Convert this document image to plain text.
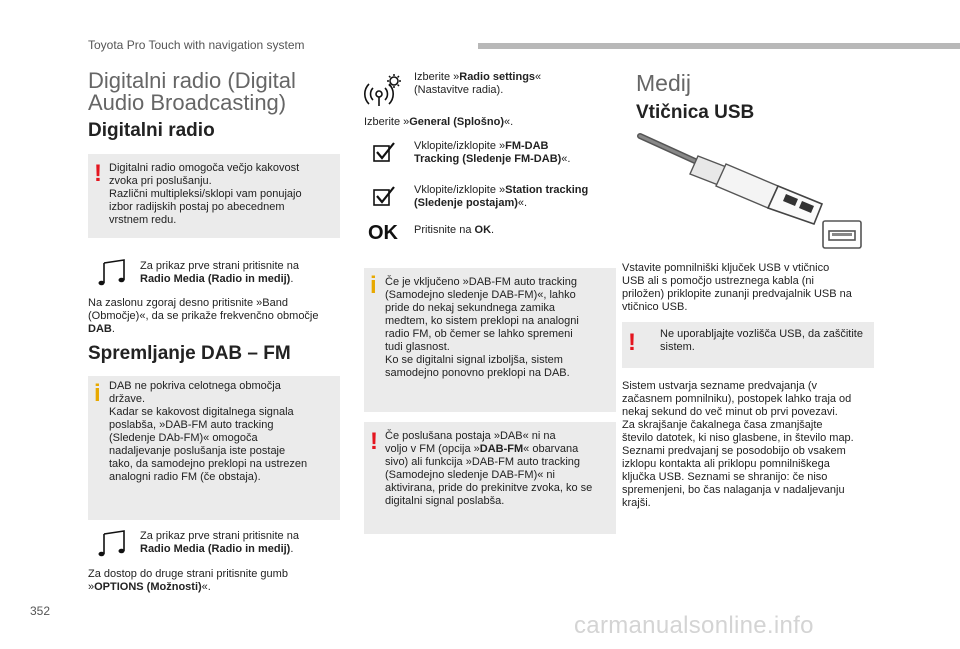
Toyota Pro Touch with navigation system
Digitalni radio (Digital
Audio Broadcasting)
Digitalni radio
! Digitalni radio omogoča večjo kakovost
zvoka pri poslušanju.
Različni multipleksi/sklopi vam ponujajo
izbor radijskih postaj po abecednem
vrstnem redu.
Za prikaz prve strani pritisnite na
Radio Media (Radio in medij).
Na zaslonu zgoraj desno pritisnite »Band
(Območje)«, da se prikaže frekvenčno območje
DAB.
Spremljanje DAB – FM
i DAB ne pokriva celotnega območja
države.
Kadar se kakovost digitalnega signala
poslabša, »DAB-FM auto tracking
(Sledenje DAb-FM)« omogoča
nadaljevanje poslušanja iste postaje
tako, da samodejno preklopi na ustrezen
analogni radio FM (če obstaja).
Za prikaz prve strani pritisnite na
Radio Media (Radio in medij).
Za dostop do druge strani pritisnite gumb
»OPTIONS (Možnosti)«.
Izberite »Radio settings«
(Nastavitve radia).
Izberite »General (Splošno)«.
Vklopite/izklopite »FM-DAB
Tracking (Sledenje FM-DAB)«.
Vklopite/izklopite »Station tracking
(Sledenje postajam)«.
OK Pritisnite na OK.
i Če je vključeno »DAB-FM auto tracking
(Samodejno sledenje DAB-FM)«, lahko
pride do nekaj sekundnega zamika
medtem, ko sistem preklopi na analogni
radio FM, ob čemer se lahko spremeni
tudi glasnost.
Ko se digitalni signal izboljša, sistem
samodejno ponovno preklopi na DAB.
! Če poslušana postaja »DAB« ni na
voljo v FM (opcija »DAB-FM« obarvana
sivo) ali funkcija »DAB-FM auto tracking
(Samodejno sledenje DAB-FM)« ni
aktivirana, pride do prekinitve zvoka, ko se
digitalni signal poslabša.
Medij
Vtičnica USB
Vstavite pomnilniški ključek USB v vtičnico
USB ali s pomočjo ustreznega kabla (ni
priložen) priklopite zunanji predvajalnik USB na
vtičnico USB.
! Ne uporabljajte vozlišča USB, da zaščitite
sistem.
Sistem ustvarja sezname predvajanja (v
začasnem pomnilniku), postopek lahko traja od
nekaj sekund do več minut ob prvi povezavi.
Za skrajšanje čakalnega časa zmanjšajte
število datotek, ki niso glasbene, in število map.
Seznami predvajanj se posodobijo ob vsakem
izklopu kontakta ali priklopu pomnilniškega
ključka USB. Seznami se shranijo: če niso
spremenjeni, bo čas nalaganja v nadaljevanju
krajši.
352
carmanualsonline.info
